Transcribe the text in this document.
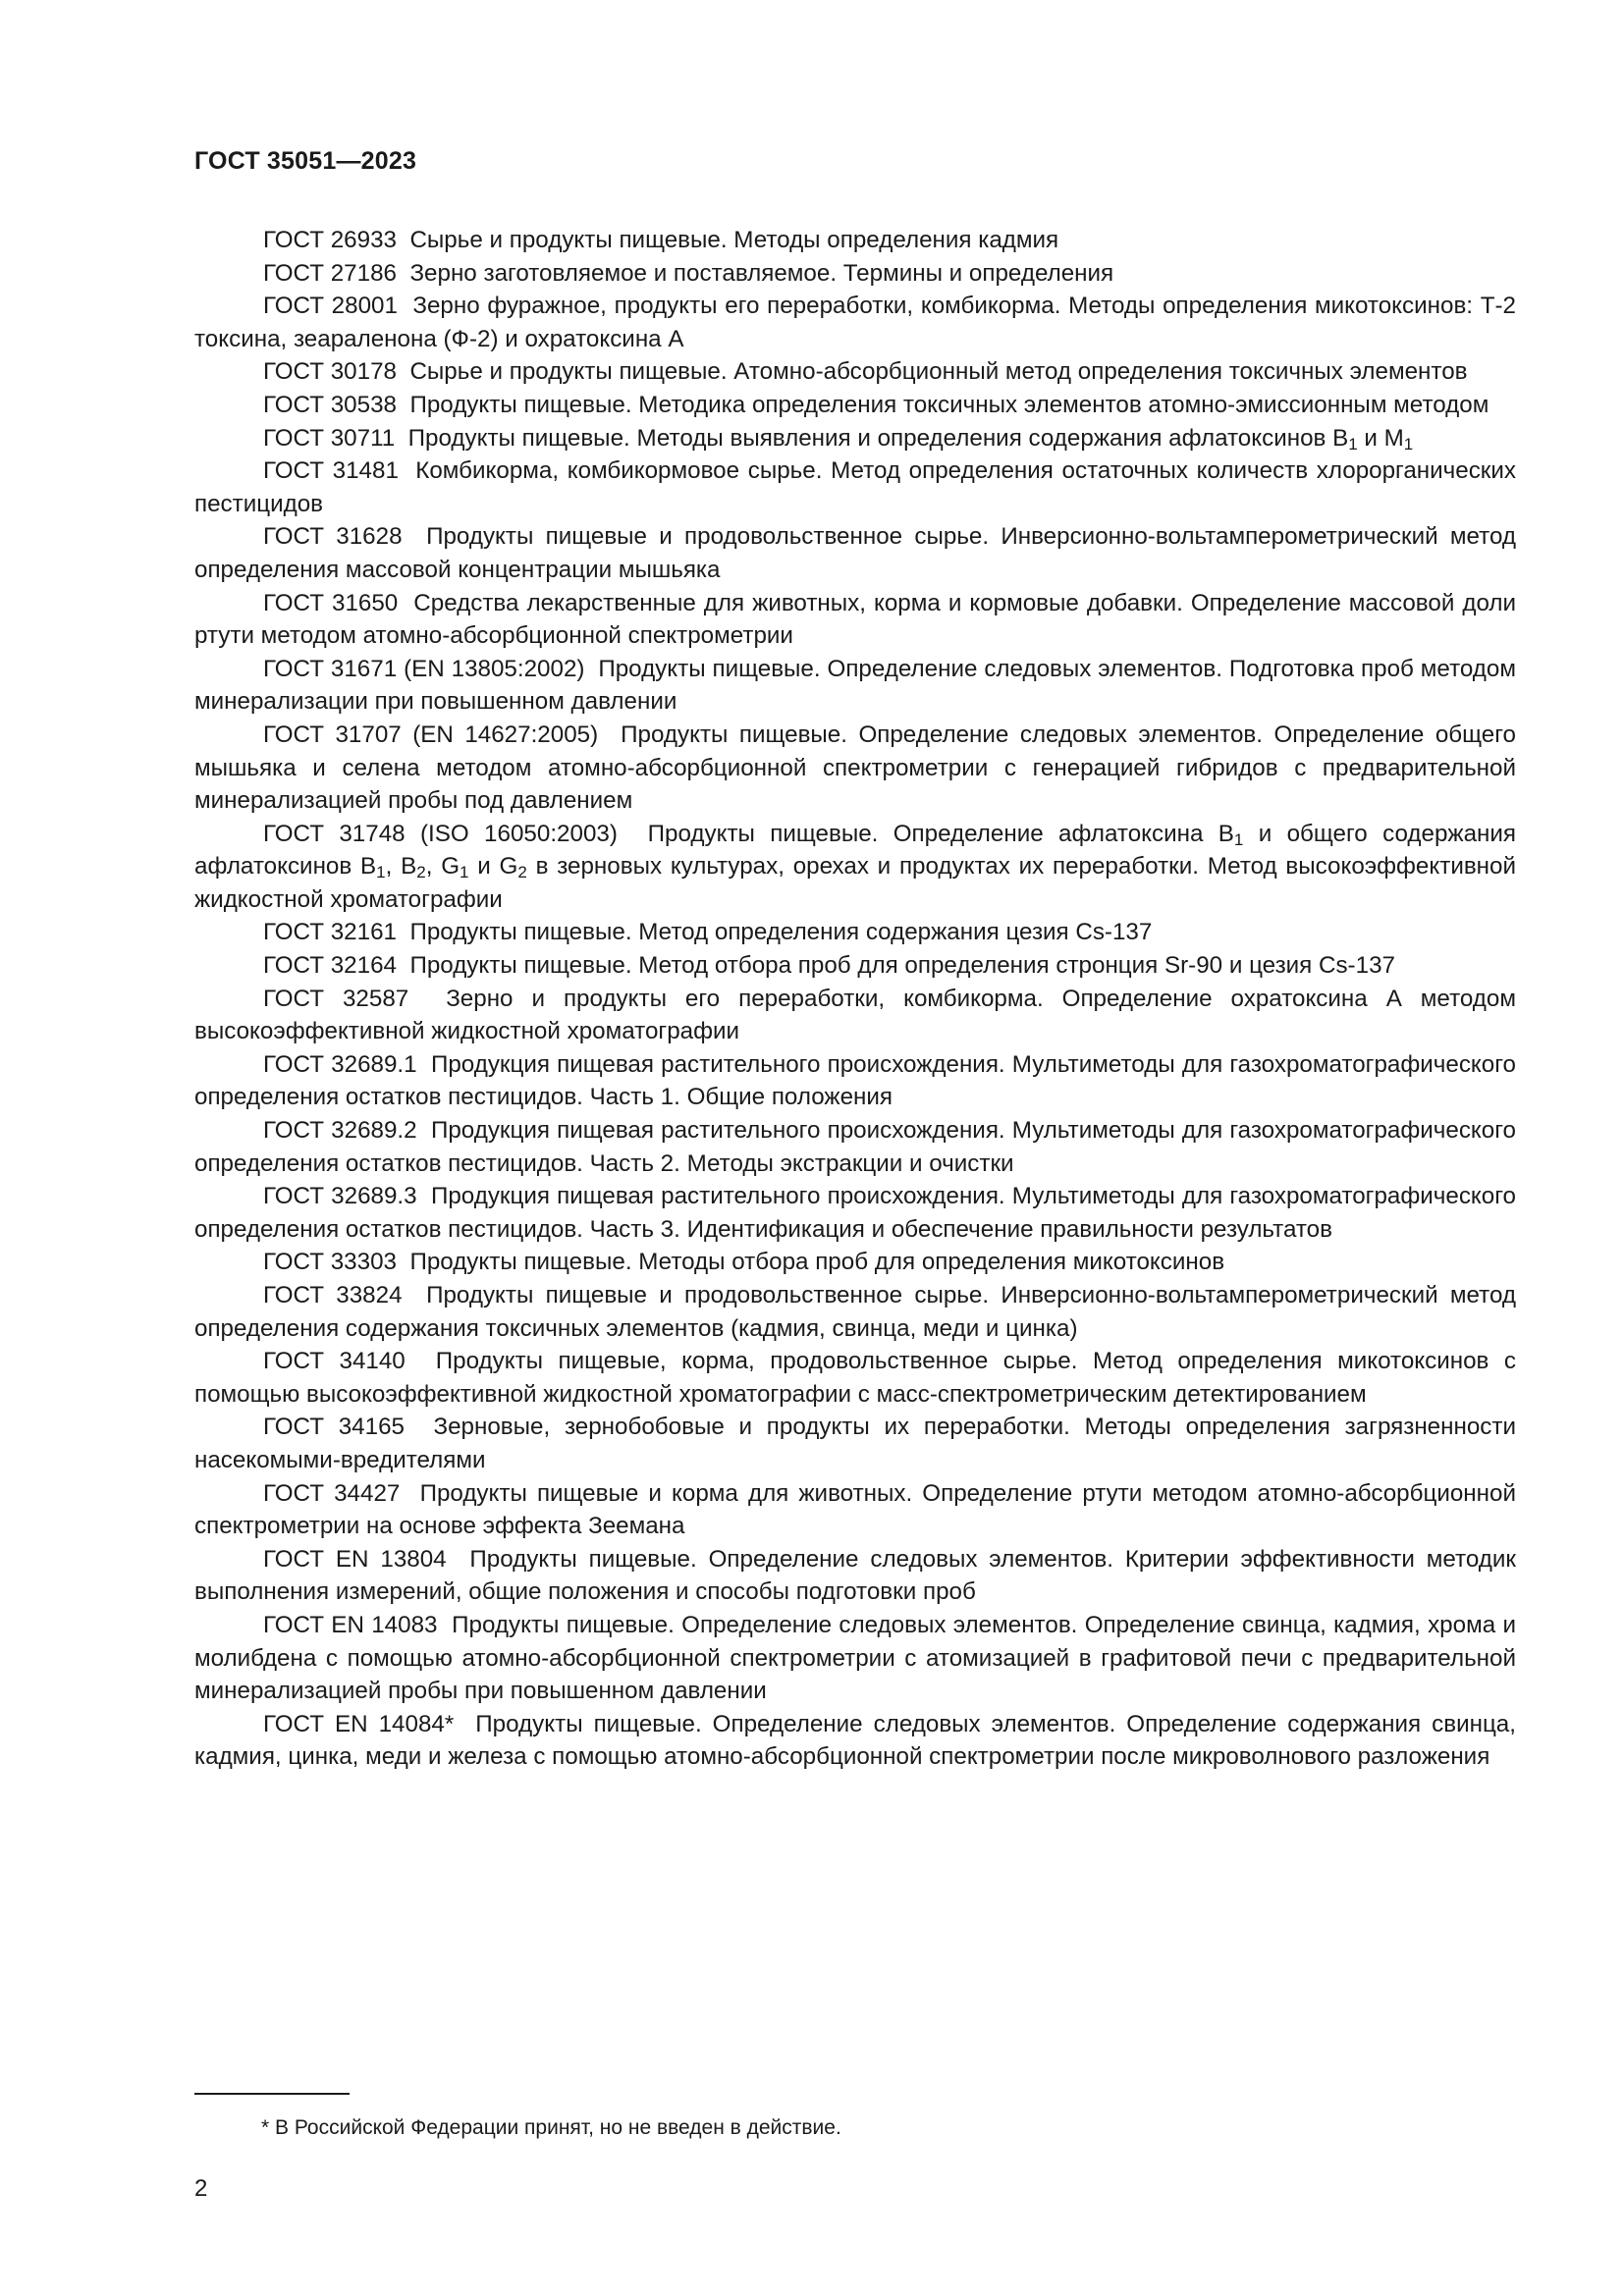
ГОСТ 35051—2023

ГОСТ 26933 Сырье и продукты пищевые. Методы определения кадмия

ГОСТ 27186 Зерно заготовляемое и поставляемое. Термины и определения

ГОСТ 28001 Зерно фуражное, продукты его переработки, комбикорма. Методы определения микотоксинов: Т-2 токсина, зеараленона (Ф-2) и охратоксина А

ГОСТ 30178 Сырье и продукты пищевые. Атомно-абсорбционный метод определения токсичных элементов

ГОСТ 30538 Продукты пищевые. Методика определения токсичных элементов атомно-эмиссионным методом

ГОСТ 30711 Продукты пищевые. Методы выявления и определения содержания афлатоксинов $B_1$ и $M_1$

ГОСТ 31481 Комбикорма, комбикормовое сырье. Метод определения остаточных количеств хлорорганических пестицидов

ГОСТ 31628 Продукты пищевые и продовольственное сырье. Инверсионно-вольтамперометрический метод определения массовой концентрации мышьяка

ГОСТ 31650 Средства лекарственные для животных, корма и кормовые добавки. Определение массовой доли ртути методом атомно-абсорбционной спектрометрии

ГОСТ 31671 (EN 13805:2002) Продукты пищевые. Определение следовых элементов. Подготовка проб методом минерализации при повышенном давлении

ГОСТ 31707 (EN 14627:2005) Продукты пищевые. Определение следовых элементов. Определение общего мышьяка и селена методом атомно-абсорбционной спектрометрии с генерацией гибридов с предварительной минерализацией пробы под давлением

ГОСТ 31748 (ISO 16050:2003) Продукты пищевые. Определение афлатоксина $B_1$ и общего содержания афлатоксинов $B_1$, $B_2$, $G_1$ и $G_2$ в зерновых культурах, орехах и продуктах их переработки. Метод высокоэффективной жидкостной хроматографии

ГОСТ 32161 Продукты пищевые. Метод определения содержания цезия Cs-137

ГОСТ 32164 Продукты пищевые. Метод отбора проб для определения стронция Sr-90 и цезия Cs-137

ГОСТ 32587 Зерно и продукты его переработки, комбикорма. Определение охратоксина А методом высокоэффективной жидкостной хроматографии

ГОСТ 32689.1 Продукция пищевая растительного происхождения. Мультиметоды для газохроматографического определения остатков пестицидов. Часть 1. Общие положения

ГОСТ 32689.2 Продукция пищевая растительного происхождения. Мультиметоды для газохроматографического определения остатков пестицидов. Часть 2. Методы экстракции и очистки

ГОСТ 32689.3 Продукция пищевая растительного происхождения. Мультиметоды для газохроматографического определения остатков пестицидов. Часть 3. Идентификация и обеспечение правильности результатов

ГОСТ 33303 Продукты пищевые. Методы отбора проб для определения микотоксинов

ГОСТ 33824 Продукты пищевые и продовольственное сырье. Инверсионно-вольтамперометрический метод определения содержания токсичных элементов (кадмия, свинца, меди и цинка)

ГОСТ 34140 Продукты пищевые, корма, продовольственное сырье. Метод определения микотоксинов с помощью высокоэффективной жидкостной хроматографии с масс-спектрометрическим детектированием

ГОСТ 34165 Зерновые, зернобобовые и продукты их переработки. Методы определения загрязненности насекомыми-вредителями

ГОСТ 34427 Продукты пищевые и корма для животных. Определение ртути методом атомно-абсорбционной спектрометрии на основе эффекта Зеемана

ГОСТ EN 13804 Продукты пищевые. Определение следовых элементов. Критерии эффективности методик выполнения измерений, общие положения и способы подготовки проб

ГОСТ EN 14083 Продукты пищевые. Определение следовых элементов. Определение свинца, кадмия, хрома и молибдена с помощью атомно-абсорбционной спектрометрии с атомизацией в графитовой печи с предварительной минерализацией пробы при повышенном давлении

ГОСТ EN 14084* Продукты пищевые. Определение следовых элементов. Определение содержания свинца, кадмия, цинка, меди и железа с помощью атомно-абсорбционной спектрометрии после микроволнового разложения

* В Российской Федерации принят, но не введен в действие.
2
